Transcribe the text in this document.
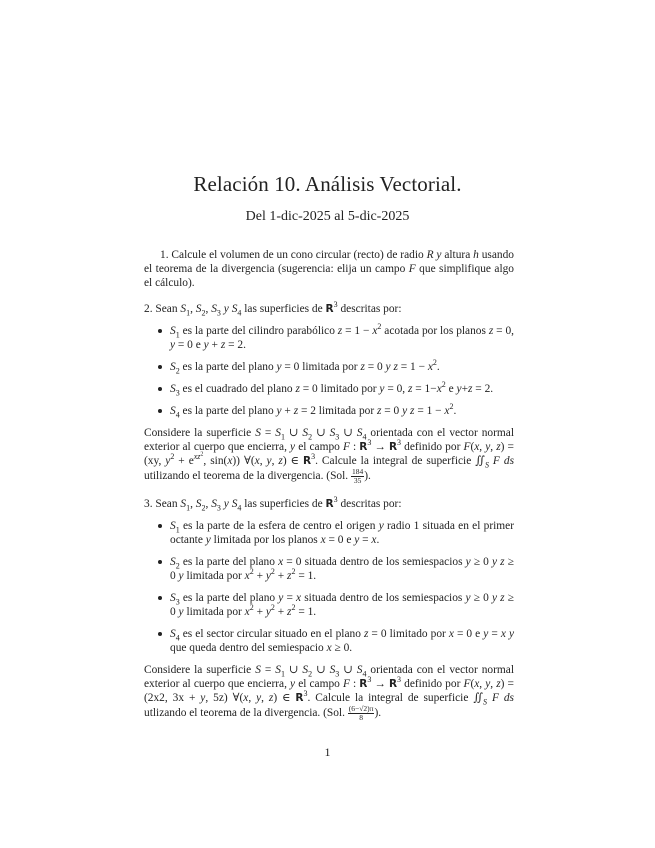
Relación 10. Análisis Vectorial.
Del 1-dic-2025 al 5-dic-2025

1. Calcule el volumen de un cono circular (recto) de radio R y altura h usando el teorema de la divergencia (sugerencia: elija un campo F que simplifique algo el cálculo).

2. Sean $S_1$, $S_2$, $S_3$ y $S_4$ las superficies de $R^3$ descritas por:

$S_1$ es la parte del cilindro parabólico $z = 1 - x^2$ acotada por los planos z = 0, y = 0 e y + z = 2.
$S_2$ es la parte del plano y = 0 limitada por z = 0 y $z = 1 - x^2$.
$S_3$ es el cuadrado del plano z = 0 limitado por y = 0, $z = 1-x^2$ e y+z = 2.
$S_4$ es la parte del plano y + z = 2 limitada por z = 0 y $z = 1 - x^2$.

Considere la superficie $S = S_1$ ∪ $S_2$ ∪ $S_3$ ∪ $S_4$ orientada con el vector normal exterior al cuerpo que encierra, y el campo F : $R^3 \to R^3$ definido por F(x, y, z) = (xy, $y^2 + e^{xz^2}$, sin(x)) ∀(x, y, z) ∈ $R^3$. Calcule la integral de superficie $∬_S$ F ds utilizando el teorema de la divergencia. (Sol. $\frac{184}{35}$ ).

3. Sean $S_1$, $S_2$, $S_3$ y $S_4$ las superficies de $R^3$ descritas por:

$S_1$ es la parte de la esfera de centro el origen y radio 1 situada en el primer octante y limitada por los planos x = 0 e y = x.
$S_2$ es la parte del plano x = 0 situada dentro de los semiespacios y ≥ 0 y z ≥ 0 y limitada por $x^2 + y^2 + z^2 = 1$.
$S_3$ es la parte del plano y = x situada dentro de los semiespacios y ≥ 0 y z ≥ 0 y limitada por $x^2 + y^2 + z^2 = 1$.
$S_4$ es el sector circular situado en el plano z = 0 limitado por x = 0 e y = x y que queda dentro del semiespacio x ≥ 0.

Considere la superficie $S = S_1$ ∪ $S_2$ ∪ $S_3$ ∪ $S_4$ orientada con el vector normal exterior al cuerpo que encierra, y el campo F : $R^3 \to R^3$ definido por F(x, y, z) = (2x2, 3x + y, 5z) ∀(x, y, z) ∈ $R^3$. Calcule la integral de superficie $∬_S$ F ds utlizando el teorema de la divergencia. (Sol. $\frac{(6-√2)\pi}{8}$ ).

1
